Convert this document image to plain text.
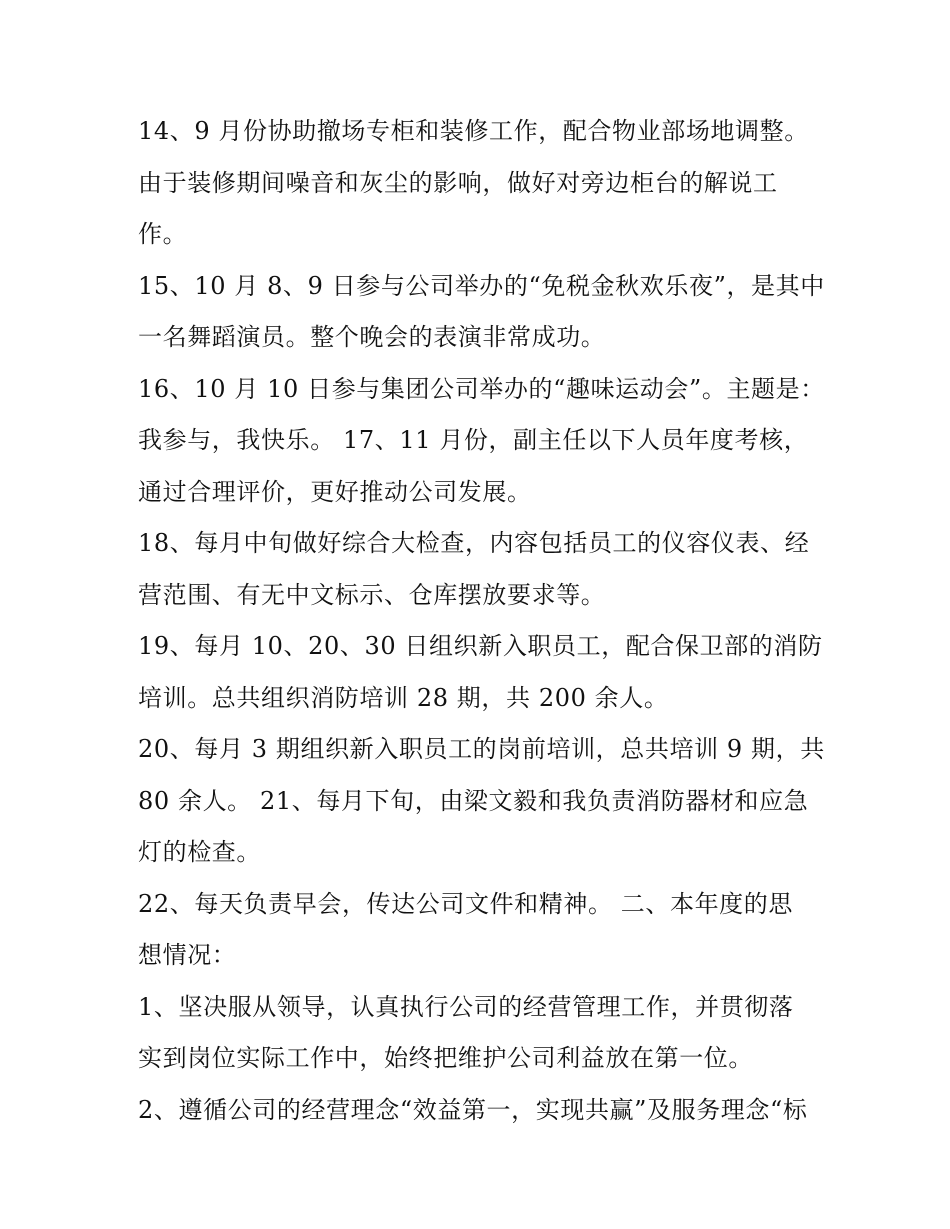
14、9 月份协助撤场专柜和装修工作，配合物业部场地调整。
由于装修期间噪音和灰尘的影响，做好对旁边柜台的解说工
作。
15、10 月 8、9 日参与公司举办的“免税金秋欢乐夜”，是其中
一名舞蹈演员。整个晚会的表演非常成功。
16、10 月 10 日参与集团公司举办的“趣味运动会”。主题是：
我参与，我快乐。 17、11 月份，副主任以下人员年度考核，
通过合理评价，更好推动公司发展。
18、每月中旬做好综合大检查，内容包括员工的仪容仪表、经
营范围、有无中文标示、仓库摆放要求等。
19、每月 10、20、30 日组织新入职员工，配合保卫部的消防
培训。总共组织消防培训 28 期，共 200 余人。
20、每月 3 期组织新入职员工的岗前培训，总共培训 9 期，共
80 余人。 21、每月下旬，由梁文毅和我负责消防器材和应急
灯的检查。
22、每天负责早会，传达公司文件和精神。 二、本年度的思
想情况：
1、坚决服从领导，认真执行公司的经营管理工作，并贯彻落
实到岗位实际工作中，始终把维护公司利益放在第一位。
2、遵循公司的经营理念“效益第一，实现共赢”及服务理念“标
